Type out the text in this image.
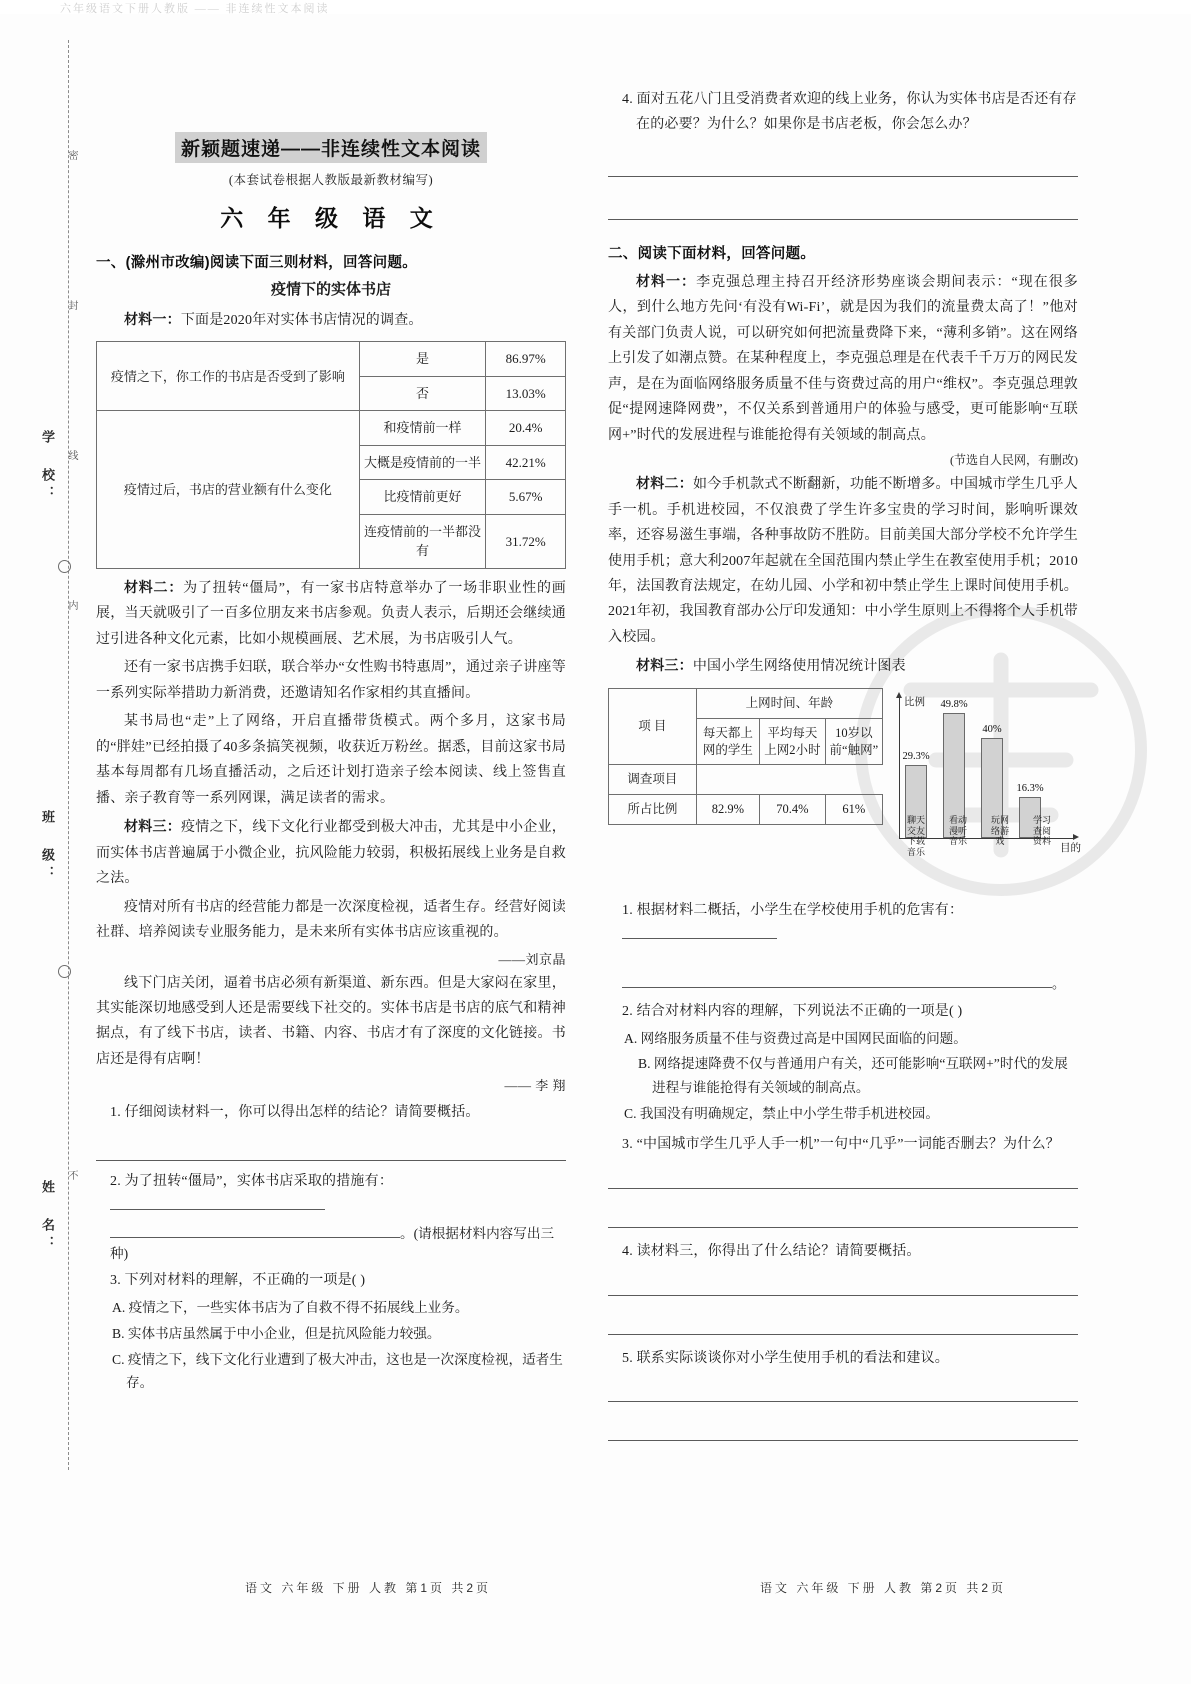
六年级语文下册人教版 —— 非连续性文本阅读
学 校：
班 级：
姓 名：
密
封
线
内
不
新颖题速递——非连续性文本阅读
(本套试卷根据人教版最新教材编写)
六 年 级 语 文
一、(滁州市改编)阅读下面三则材料，回答问题。
疫情下的实体书店
材料一：下面是2020年对实体书店情况的调查。
疫情之下，你工作的书店是否受到了影响	是	86.97%
	否	13.03%
疫情过后，书店的营业额有什么变化	和疫情前一样	20.4%
	大概是疫情前的一半	42.21%
	比疫情前更好	5.67%
	连疫情前的一半都没有	31.72%
材料二：为了扭转“僵局”，有一家书店特意举办了一场非职业性的画展，当天就吸引了一百多位朋友来书店参观。负责人表示，后期还会继续通过引进各种文化元素，比如小规模画展、艺术展，为书店吸引人气。
还有一家书店携手妇联，联合举办“女性购书特惠周”，通过亲子讲座等一系列实际举措助力新消费，还邀请知名作家相约其直播间。
某书局也“走”上了网络，开启直播带货模式。两个多月，这家书局的“胖娃”已经拍摄了40多条搞笑视频，收获近万粉丝。据悉，目前这家书局基本每周都有几场直播活动，之后还计划打造亲子绘本阅读、线上签售直播、亲子教育等一系列网课，满足读者的需求。
材料三：疫情之下，线下文化行业都受到极大冲击，尤其是中小企业，而实体书店普遍属于小微企业，抗风险能力较弱，积极拓展线上业务是自救之法。
疫情对所有书店的经营能力都是一次深度检视，适者生存。经营好阅读社群、培养阅读专业服务能力，是未来所有实体书店应该重视的。
——刘京晶
线下门店关闭，逼着书店必须有新渠道、新东西。但是大家闷在家里，其实能深切地感受到人还是需要线下社交的。实体书店是书店的底气和精神据点，有了线下书店，读者、书籍、内容、书店才有了深度的文化链接。书店还是得有店啊！
—— 李 翔
1. 仔细阅读材料一，你可以得出怎样的结论？请简要概括。
2. 为了扭转“僵局”，实体书店采取的措施有：
。(请根据材料内容写出三种)
3. 下列对材料的理解，不正确的一项是( )
A. 疫情之下，一些实体书店为了自救不得不拓展线上业务。
B. 实体书店虽然属于中小企业，但是抗风险能力较强。
C. 疫情之下，线下文化行业遭到了极大冲击，这也是一次深度检视，适者生存。
4. 面对五花八门且受消费者欢迎的线上业务，你认为实体书店是否还有存在的必要？为什么？如果你是书店老板，你会怎么办？
二、阅读下面材料，回答问题。
材料一：李克强总理主持召开经济形势座谈会期间表示：“现在很多人，到什么地方先问‘有没有Wi-Fi’，就是因为我们的流量费太高了！”他对有关部门负责人说，可以研究如何把流量费降下来，“薄利多销”。这在网络上引发了如潮点赞。在某种程度上，李克强总理是在代表千千万万的网民发声，是在为面临网络服务质量不佳与资费过高的用户“维权”。李克强总理敦促“提网速降网费”，不仅关系到普通用户的体验与感受，更可能影响“互联网+”时代的发展进程与谁能抢得有关领域的制高点。
(节选自人民网，有删改)
材料二：如今手机款式不断翻新，功能不断增多。中国城市学生几乎人手一机。手机进校园，不仅浪费了学生许多宝贵的学习时间，影响听课效率，还容易滋生事端，各种事故防不胜防。目前美国大部分学校不允许学生使用手机；意大利2007年起就在全国范围内禁止学生在教室使用手机；2010年，法国教育法规定，在幼儿园、小学和初中禁止学生上课时间使用手机。2021年初，我国教育部办公厅印发通知：中小学生原则上不得将个人手机带入校园。
材料三：中国小学生网络使用情况统计图表
项 目	上网时间、年龄		
	每天都上网的学生	平均每天上网2小时	10岁以前“触网”
调查项目			
所占比例	82.9%	70.4%	61%
比例
目的
29.3%
49.8%
40%
16.3%
聊天交友下载音乐
看动漫听音乐
玩网络游戏
学习查阅资料
1. 根据材料二概括，小学生在学校使用手机的危害有：
。
2. 结合对材料内容的理解，下列说法不正确的一项是( )
A. 网络服务质量不佳与资费过高是中国网民面临的问题。
B. 网络提速降费不仅与普通用户有关，还可能影响“互联网+”时代的发展进程与谁能抢得有关领域的制高点。
C. 我国没有明确规定，禁止中小学生带手机进校园。
3. “中国城市学生几乎人手一机”一句中“几乎”一词能否删去？为什么？
4. 读材料三，你得出了什么结论？请简要概括。
5. 联系实际谈谈你对小学生使用手机的看法和建议。
语文 六年级 下册 人教 第1页 共2页	语文 六年级 下册 人教 第2页 共2页
